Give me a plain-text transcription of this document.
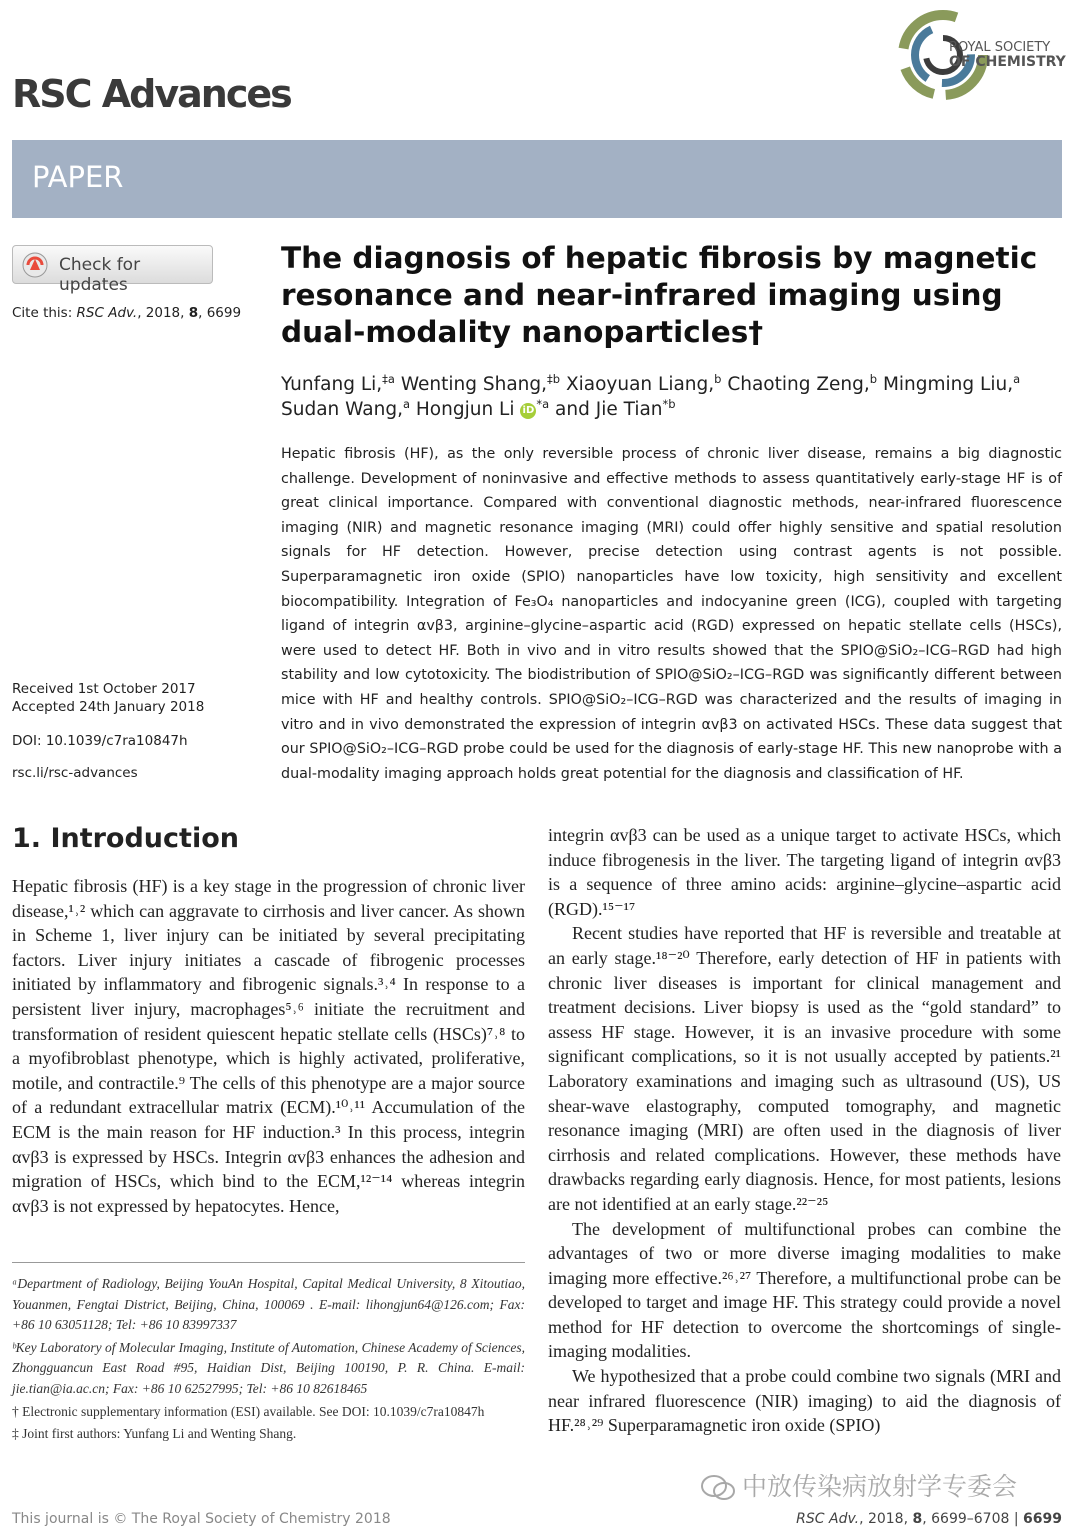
RSC Advances
ROYAL SOCIETY
OF CHEMISTRY
PAPER
Check for updates
Cite this: RSC Adv., 2018, 8, 6699
Received 1st October 2017
Accepted 24th January 2018
DOI: 10.1039/c7ra10847h
rsc.li/rsc-advances
The diagnosis of hepatic fibrosis by magnetic resonance and near-infrared imaging using dual-modality nanoparticles†
Yunfang Li,$^{\ddagger a}$ Wenting Shang,$^{\ddagger b}$ Xiaoyuan Liang,$^b$ Chaoting Zeng,$^b$ Mingming Liu,$^a$
Sudan Wang,$^a$ Hongjun Li iD $^{*a}$ and Jie Tian$^{*b}$

Hepatic fibrosis (HF), as the only reversible process of chronic liver disease, remains a big diagnostic challenge. Development of noninvasive and effective methods to assess quantitatively early-stage HF is of great clinical importance. Compared with conventional diagnostic methods, near-infrared fluorescence imaging (NIR) and magnetic resonance imaging (MRI) could offer highly sensitive and spatial resolution signals for HF detection. However, precise detection using contrast agents is not possible. Superparamagnetic iron oxide (SPIO) nanoparticles have low toxicity, high sensitivity and excellent biocompatibility. Integration of Fe₃O₄ nanoparticles and indocyanine green (ICG), coupled with targeting ligand of integrin αvβ3, arginine–glycine–aspartic acid (RGD) expressed on hepatic stellate cells (HSCs), were used to detect HF. Both in vivo and in vitro results showed that the SPIO@SiO₂–ICG–RGD had high stability and low cytotoxicity. The biodistribution of SPIO@SiO₂–ICG–RGD was significantly different between mice with HF and healthy controls. SPIO@SiO₂–ICG–RGD was characterized and the results of imaging in vitro and in vivo demonstrated the expression of integrin αvβ3 on activated HSCs. These data suggest that our SPIO@SiO₂–ICG–RGD probe could be used for the diagnosis of early-stage HF. This new nanoprobe with a dual-modality imaging approach holds great potential for the diagnosis and classification of HF.

1. Introduction

Hepatic fibrosis (HF) is a key stage in the progression of chronic liver disease,¹˒² which can aggravate to cirrhosis and liver cancer. As shown in Scheme 1, liver injury can be initiated by several precipitating factors. Liver injury initiates a cascade of fibrogenic processes initiated by inflammatory and fibrogenic signals.³˒⁴ In response to a persistent liver injury, macrophages⁵˒⁶ initiate the recruitment and transformation of resident quiescent hepatic stellate cells (HSCs)⁷˒⁸ to a myofibroblast phenotype, which is highly activated, proliferative, motile, and contractile.⁹ The cells of this phenotype are a major source of a redundant extracellular matrix (ECM).¹⁰˒¹¹ Accumulation of the ECM is the main reason for HF induction.³ In this process, integrin αvβ3 is expressed by HSCs. Integrin αvβ3 enhances the adhesion and migration of HSCs, which bind to the ECM,¹²⁻¹⁴ whereas integrin αvβ3 is not expressed by hepatocytes. Hence,

integrin αvβ3 can be used as a unique target to activate HSCs, which induce fibrogenesis in the liver. The targeting ligand of integrin αvβ3 is a sequence of three amino acids: arginine–glycine–aspartic acid (RGD).¹⁵⁻¹⁷

Recent studies have reported that HF is reversible and treatable at an early stage.¹⁸⁻²⁰ Therefore, early detection of HF in patients with chronic liver diseases is important for clinical management and treatment decisions. Liver biopsy is used as the “gold standard” to assess HF stage. However, it is an invasive procedure with some significant complications, so it is not usually accepted by patients.²¹ Laboratory examinations and imaging such as ultrasound (US), US shear-wave elastography, computed tomography, and magnetic resonance imaging (MRI) are often used in the diagnosis of liver cirrhosis and related complications. However, these methods have drawbacks regarding early diagnosis. Hence, for most patients, lesions are not identified at an early stage.²²⁻²⁵

The development of multifunctional probes can combine the advantages of two or more diverse imaging modalities to make imaging more effective.²⁶˒²⁷ Therefore, a multifunctional probe can be developed to target and image HF. This strategy could provide a novel method for HF detection to overcome the shortcomings of single-imaging modalities.

We hypothesized that a probe could combine two signals (MRI and near infrared fluorescence (NIR) imaging) to aid the diagnosis of HF.²⁸˒²⁹ Superparamagnetic iron oxide (SPIO)

ᵃDepartment of Radiology, Beijing YouAn Hospital, Capital Medical University, 8 Xitoutiao, Youanmen, Fengtai District, Beijing, China, 100069 . E-mail: lihongjun64@126.com; Fax: +86 10 63051128; Tel: +86 10 83997337

ᵇKey Laboratory of Molecular Imaging, Institute of Automation, Chinese Academy of Sciences, Zhongguancun East Road #95, Haidian Dist, Beijing 100190, P. R. China. E-mail: jie.tian@ia.ac.cn; Fax: +86 10 62527995; Tel: +86 10 82618465

† Electronic supplementary information (ESI) available. See DOI: 10.1039/c7ra10847h

‡ Joint first authors: Yunfang Li and Wenting Shang.

中放传染病放射学专委会
This journal is © The Royal Society of Chemistry 2018	RSC Adv., 2018, 8, 6699–6708 | 6699
